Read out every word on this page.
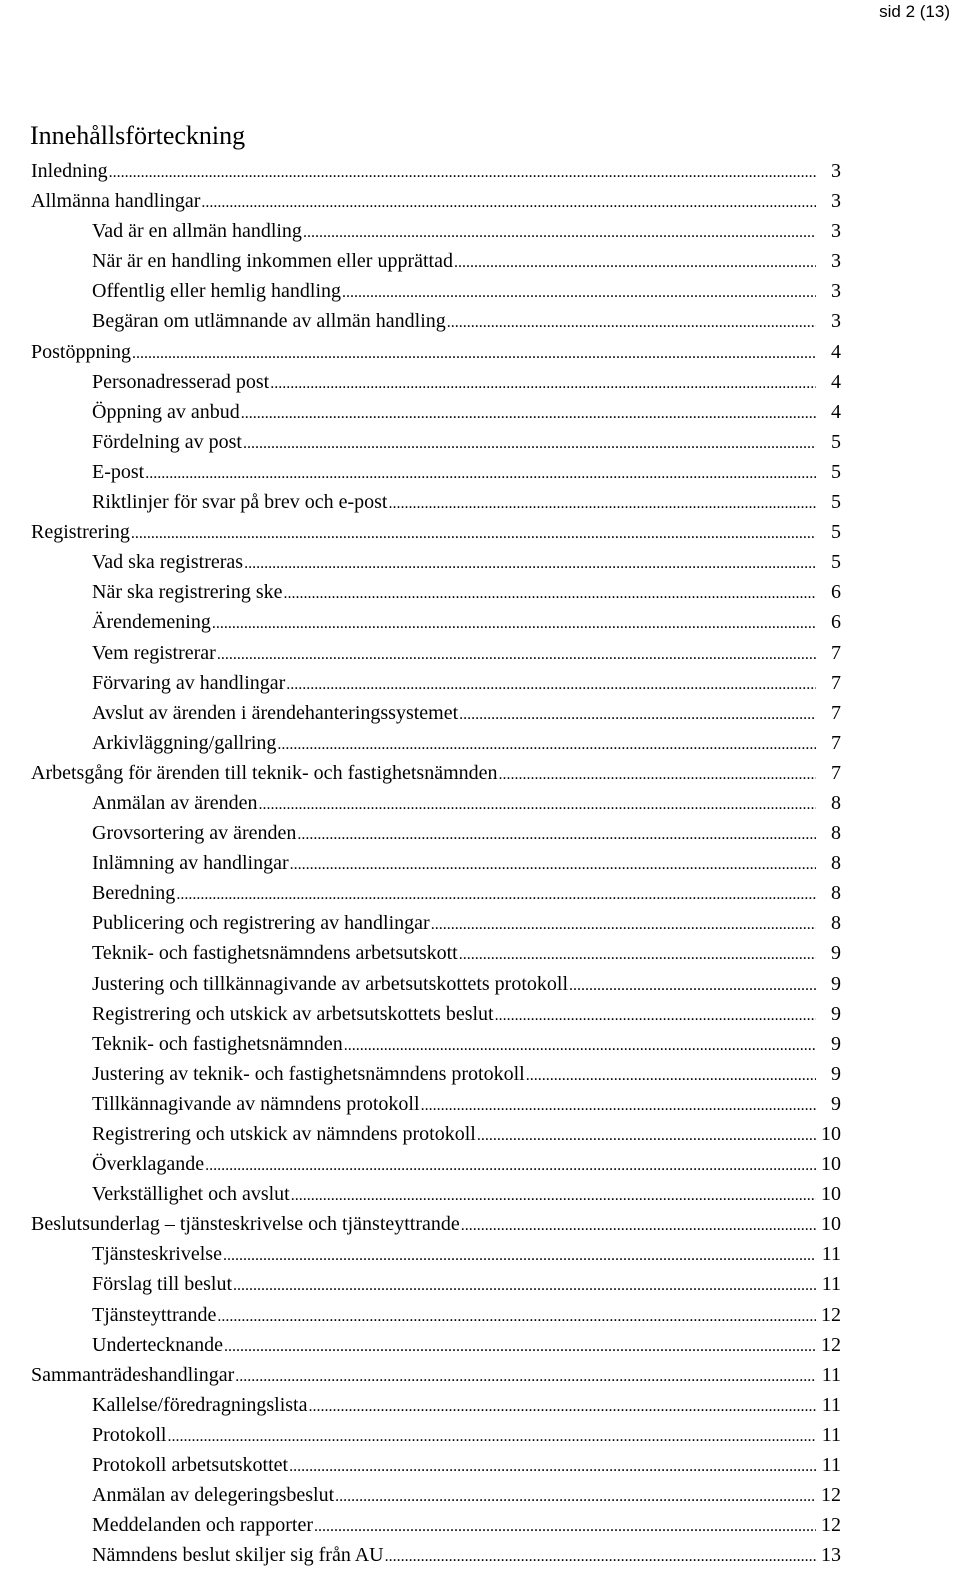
sid 2 (13)
Innehållsförteckning
Inledning .....	3
Allmänna handlingar .....	3
Vad är en allmän handling .....	3
När är en handling inkommen eller upprättad .....	3
Offentlig eller hemlig handling .....	3
Begäran om utlämnande av allmän handling .....	3
Postöppning .....	4
Personadresserad post .....	4
Öppning av anbud .....	4
Fördelning av post .....	5
E-post .....	5
Riktlinjer för svar på brev och e-post .....	5
Registrering .....	5
Vad ska registreras .....	5
När ska registrering ske .....	6
Ärendemening .....	6
Vem registrerar .....	7
Förvaring av handlingar .....	7
Avslut av ärenden i ärendehanteringssystemet .....	7
Arkivläggning/gallring .....	7
Arbetsgång för ärenden till teknik- och fastighetsnämnden .....	7
Anmälan av ärenden .....	8
Grovsortering av ärenden .....	8
Inlämning av handlingar .....	8
Beredning .....	8
Publicering och registrering av handlingar .....	8
Teknik- och fastighetsnämndens arbetsutskott .....	9
Justering och tillkännagivande av arbetsutskottets protokoll .....	9
Registrering och utskick av arbetsutskottets beslut .....	9
Teknik- och fastighetsnämnden .....	9
Justering av teknik- och fastighetsnämndens protokoll .....	9
Tillkännagivande av nämndens protokoll .....	9
Registrering och utskick av nämndens protokoll .....	10
Överklagande .....	10
Verkställighet och avslut .....	10
Beslutsunderlag – tjänsteskrivelse och tjänsteyttrande .....	10
Tjänsteskrivelse .....	11
Förslag till beslut .....	11
Tjänsteyttrande .....	12
Undertecknande .....	12
Sammanträdeshandlingar .....	11
Kallelse/föredragningslista .....	11
Protokoll .....	11
Protokoll arbetsutskottet .....	11
Anmälan av delegeringsbeslut .....	12
Meddelanden och rapporter .....	12
Nämndens beslut skiljer sig från AU .....	13
